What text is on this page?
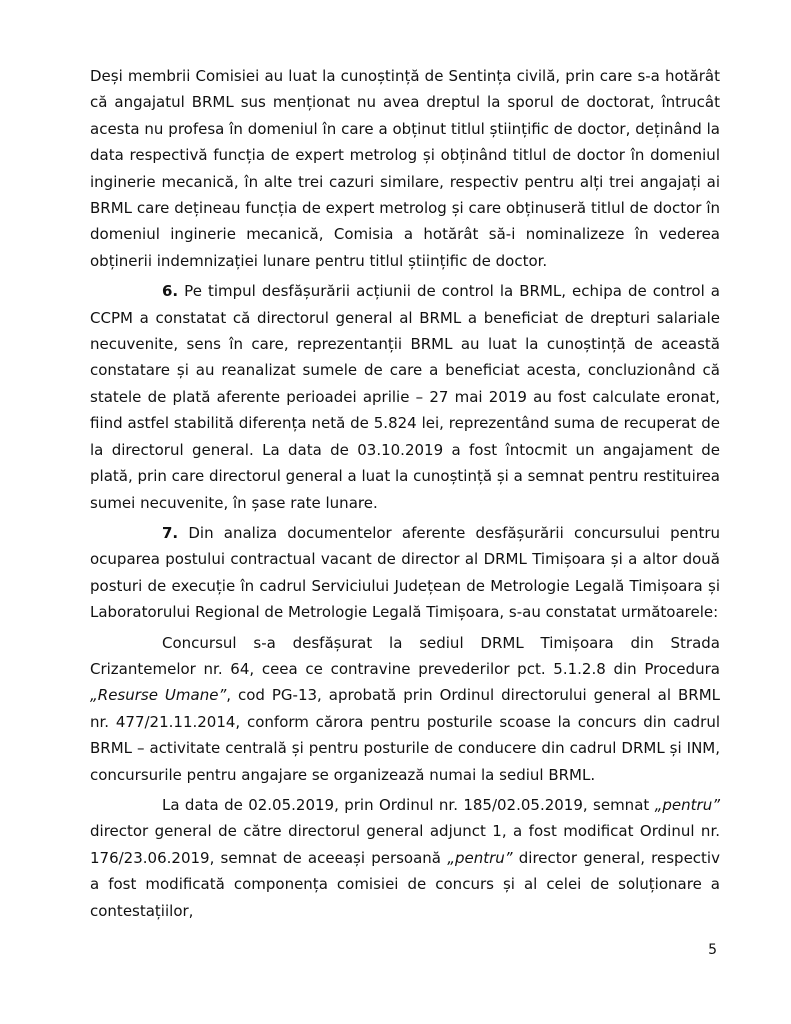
Deși membrii Comisiei au luat la cunoștință de Sentința civilă, prin care s-a hotărât că angajatul BRML sus menționat nu avea dreptul la sporul de doctorat, întrucât acesta nu profesa în domeniul în care a obținut titlul științific de doctor, deținând la data respectivă funcția de expert metrolog și obținând titlul de doctor în domeniul inginerie mecanică, în alte trei cazuri similare, respectiv pentru alți trei angajați ai BRML care dețineau funcția de expert metrolog și care obținuseră titlul de doctor în domeniul inginerie mecanică, Comisia a hotărât să-i nominalizeze în vederea obținerii indemnizației lunare pentru titlul științific de doctor.

6. Pe timpul desfășurării acțiunii de control la BRML, echipa de control a CCPM a constatat că directorul general al BRML a beneficiat de drepturi salariale necuvenite, sens în care, reprezentanții BRML au luat la cunoștință de această constatare și au reanalizat sumele de care a beneficiat acesta, concluzionând că statele de plată aferente perioadei aprilie – 27 mai 2019 au fost calculate eronat, fiind astfel stabilită diferența netă de 5.824 lei, reprezentând suma de recuperat de la directorul general. La data de 03.10.2019 a fost întocmit un angajament de plată, prin care directorul general a luat la cunoștință și a semnat pentru restituirea sumei necuvenite, în șase rate lunare.

7. Din analiza documentelor aferente desfășurării concursului pentru ocuparea postului contractual vacant de director al DRML Timișoara și a altor două posturi de execuție în cadrul Serviciului Județean de Metrologie Legală Timișoara și Laboratorului Regional de Metrologie Legală Timișoara, s-au constatat următoarele:

Concursul s-a desfășurat la sediul DRML Timișoara din Strada Crizantemelor nr. 64, ceea ce contravine prevederilor pct. 5.1.2.8 din Procedura „Resurse Umane”, cod PG-13, aprobată prin Ordinul directorului general al BRML nr. 477/21.11.2014, conform cărora pentru posturile scoase la concurs din cadrul BRML – activitate centrală și pentru posturile de conducere din cadrul DRML și INM, concursurile pentru angajare se organizează numai la sediul BRML.

La data de 02.05.2019, prin Ordinul nr. 185/02.05.2019, semnat „pentru” director general de către directorul general adjunct 1, a fost modificat Ordinul nr. 176/23.06.2019, semnat de aceeași persoană „pentru” director general, respectiv a fost modificată componența comisiei de concurs și al celei de soluționare a contestațiilor,

5
